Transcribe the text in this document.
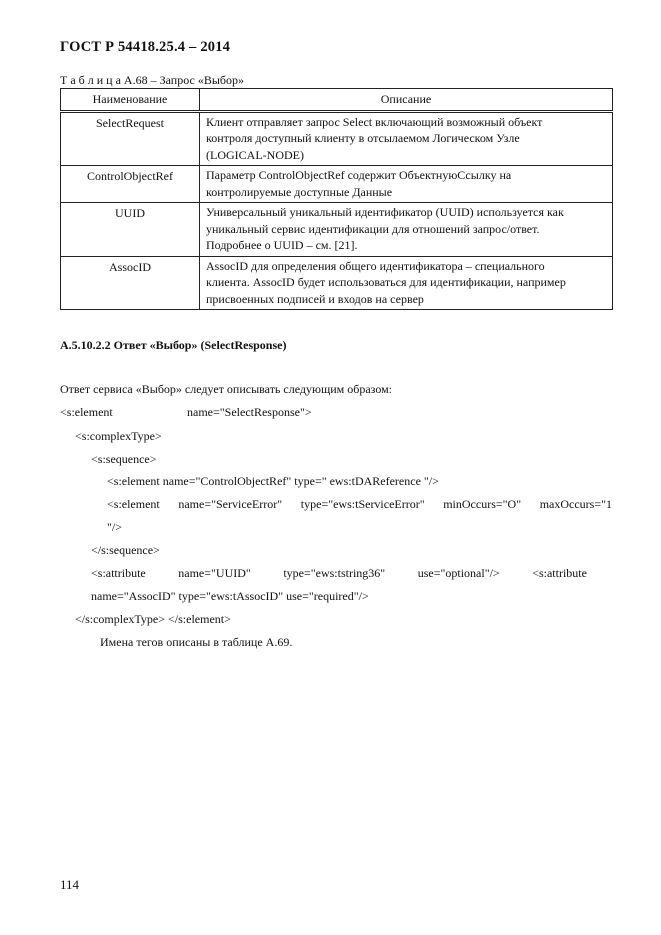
ГОСТ Р 54418.25.4 – 2014
Т а б л и ц а А.68 – Запрос «Выбор»
Наименование	Описание
SelectRequest	Клиент отправляет запрос Select включающий возможный объект
контроля доступный клиенту в отсылаемом Логическом Узле
(LOGICAL-NODE)

ControlObjectRef	Параметр ControlObjectRef содержит ОбъектнуюСсылку на
контролируемые доступные Данные

UUID	Универсальный уникальный идентификатор (UUID) используется как
уникальный сервис идентификации для отношений запрос/ответ.
Подробнее о UUID – см. [21].

AssocID	AssocID для определения общего идентификатора – специального
клиента. AssocID будет использоваться для идентификации, например
присвоенных подписей и входов на сервер
А.5.10.2.2 Ответ «Выбор» (SelectResponse)
Ответ сервиса «Выбор» следует описывать следующим образом:
<s:element	name="SelectResponse">
<s:complexType>
<s:sequence>
<s:element name="ControlObjectRef" type=" ews:tDAReference "/>
<s:element name="ServiceError" type="ews:tServiceError" minOccurs="O" maxOccurs="1
"/>
</s:sequence>
<s:attribute	name="UUID"	type="ews:tstring36"	use="optional"/>	<s:attribute
name="AssocID" type="ews:tAssocID" use="required"/>
</s:complexType> </s:element>
Имена тегов описаны в таблице А.69.
114
